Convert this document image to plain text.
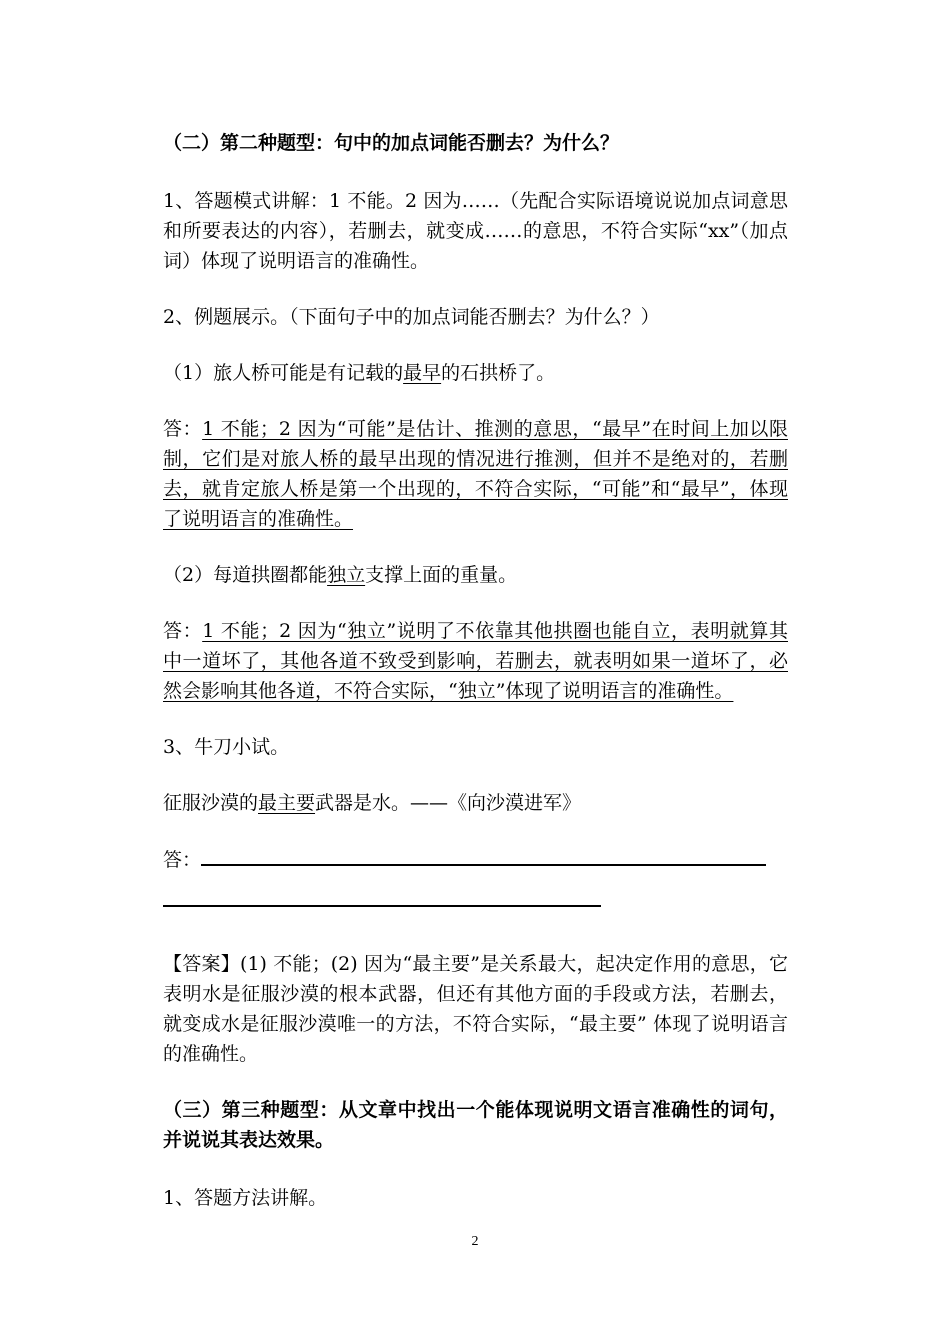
（二）第二种题型：句中的加点词能否删去？为什么？

1、答题模式讲解：1 不能。2 因为……（先配合实际语境说说加点词意思和所要表达的内容），若删去，就变成……的意思，不符合实际“xx”（加点词）体现了说明语言的准确性。

2、例题展示。（下面句子中的加点词能否删去？为什么？）

（1）旅人桥可能是有记载的最早的石拱桥了。

答：1 不能；2 因为“可能”是估计、推测的意思，“最早”在时间上加以限制，它们是对旅人桥的最早出现的情况进行推测，但并不是绝对的，若删去，就肯定旅人桥是第一个出现的，不符合实际，“可能”和“最早”，体现了说明语言的准确性。

（2）每道拱圈都能独立支撑上面的重量。

答：1 不能；2 因为“独立”说明了不依靠其他拱圈也能自立，表明就算其中一道坏了，其他各道不致受到影响，若删去，就表明如果一道坏了，必然会影响其他各道，不符合实际，“独立”体现了说明语言的准确性。

3、牛刀小试。

征服沙漠的最主要武器是水。——《向沙漠进军》

答：

【答案】(1) 不能；(2) 因为“最主要”是关系最大，起决定作用的意思，它表明水是征服沙漠的根本武器，但还有其他方面的手段或方法，若删去，就变成水是征服沙漠唯一的方法，不符合实际，“最主要” 体现了说明语言的准确性。

（三）第三种题型：从文章中找出一个能体现说明文语言准确性的词句，并说说其表达效果。

1、答题方法讲解。

2
